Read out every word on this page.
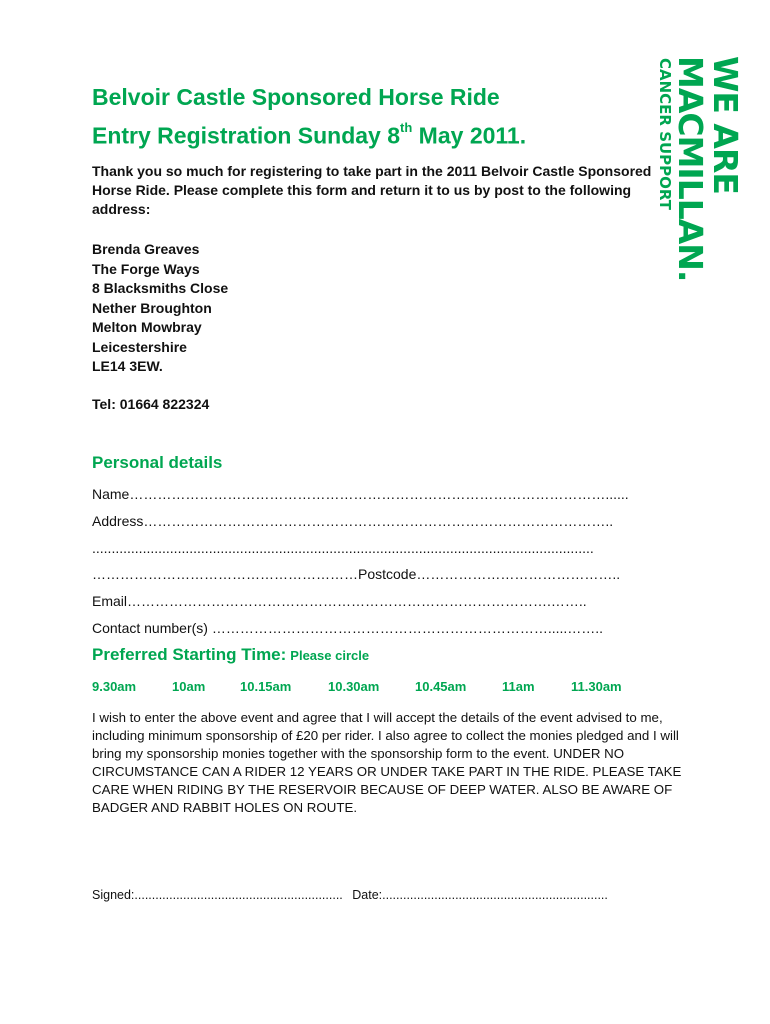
WE ARE
MACMILLAN.
CANCER SUPPORT
Belvoir Castle Sponsored Horse Ride
Entry Registration Sunday 8th May 2011.

Thank you so much for registering to take part in the 2011 Belvoir Castle Sponsored Horse Ride. Please complete this form and return it to us by post to the following address:

Brenda Greaves
The Forge Ways
8 Blacksmiths Close
Nether Broughton
Melton Mowbray
Leicestershire
LE14 3EW.

Tel: 01664 822324

Personal details

Name…………………………………………………………………………………………......

Address………………………………………………………………………………………..

.................................................................................................................................

…………………………………………………Postcode……………………………………..

Email……………………………………………………………………………….……..

Contact number(s) ……………………………………………………………….....……..

Preferred Starting Time: Please circle
9.30am	10am	10.15am	10.30am	10.45am	11am	11.30am

I wish to enter the above event and agree that I will accept the details of the event advised to me, including minimum sponsorship of £20 per rider. I also agree to collect the monies pledged and I will bring my sponsorship monies together with the sponsorship form to the event. UNDER NO CIRCUMSTANCE CAN A RIDER 12 YEARS OR UNDER TAKE PART IN THE RIDE. PLEASE TAKE CARE WHEN RIDING BY THE RESERVOIR BECAUSE OF DEEP WATER. ALSO BE AWARE OF BADGER AND RABBIT HOLES ON ROUTE.

Signed:............................................................ Date:.................................................................
